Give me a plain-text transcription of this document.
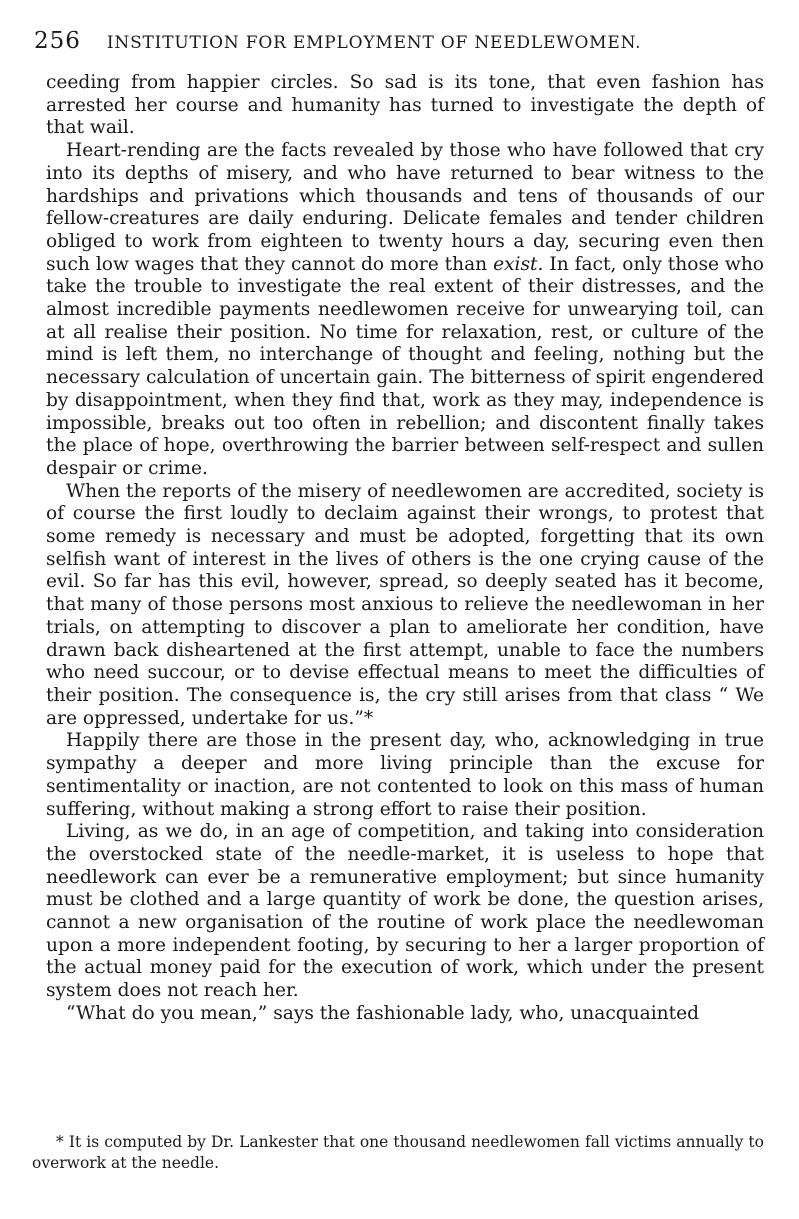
256 INSTITUTION FOR EMPLOYMENT OF NEEDLEWOMEN.

ceeding from happier circles. So sad is its tone, that even fashion has arrested her course and humanity has turned to investigate the depth of that wail.

Heart-rending are the facts revealed by those who have followed that cry into its depths of misery, and who have returned to bear witness to the hardships and privations which thousands and tens of thousands of our fellow-creatures are daily enduring. Delicate females and tender children obliged to work from eighteen to twenty hours a day, securing even then such low wages that they cannot do more than exist. In fact, only those who take the trouble to investigate the real extent of their distresses, and the almost incredible payments needlewomen receive for unwearying toil, can at all realise their position. No time for relaxation, rest, or culture of the mind is left them, no interchange of thought and feeling, nothing but the necessary calculation of uncertain gain. The bitterness of spirit engendered by disappointment, when they find that, work as they may, independence is impossible, breaks out too often in rebellion; and discontent finally takes the place of hope, overthrowing the barrier between self-respect and sullen despair or crime.

When the reports of the misery of needlewomen are accredited, society is of course the first loudly to declaim against their wrongs, to protest that some remedy is necessary and must be adopted, forgetting that its own selfish want of interest in the lives of others is the one crying cause of the evil. So far has this evil, however, spread, so deeply seated has it become, that many of those persons most anxious to relieve the needlewoman in her trials, on attempting to discover a plan to ameliorate her condition, have drawn back disheartened at the first attempt, unable to face the numbers who need succour, or to devise effectual means to meet the difficulties of their position. The consequence is, the cry still arises from that class “ We are oppressed, undertake for us.”*

Happily there are those in the present day, who, acknowledging in true sympathy a deeper and more living principle than the excuse for sentimentality or inaction, are not contented to look on this mass of human suffering, without making a strong effort to raise their position.

Living, as we do, in an age of competition, and taking into consideration the overstocked state of the needle-market, it is useless to hope that needlework can ever be a remunerative employment; but since humanity must be clothed and a large quantity of work be done, the question arises, cannot a new organisation of the routine of work place the needlewoman upon a more independent footing, by securing to her a larger proportion of the actual money paid for the execution of work, which under the present system does not reach her.

“What do you mean,” says the fashionable lady, who, unacquainted

* It is computed by Dr. Lankester that one thousand needlewomen fall victims annually to overwork at the needle.
